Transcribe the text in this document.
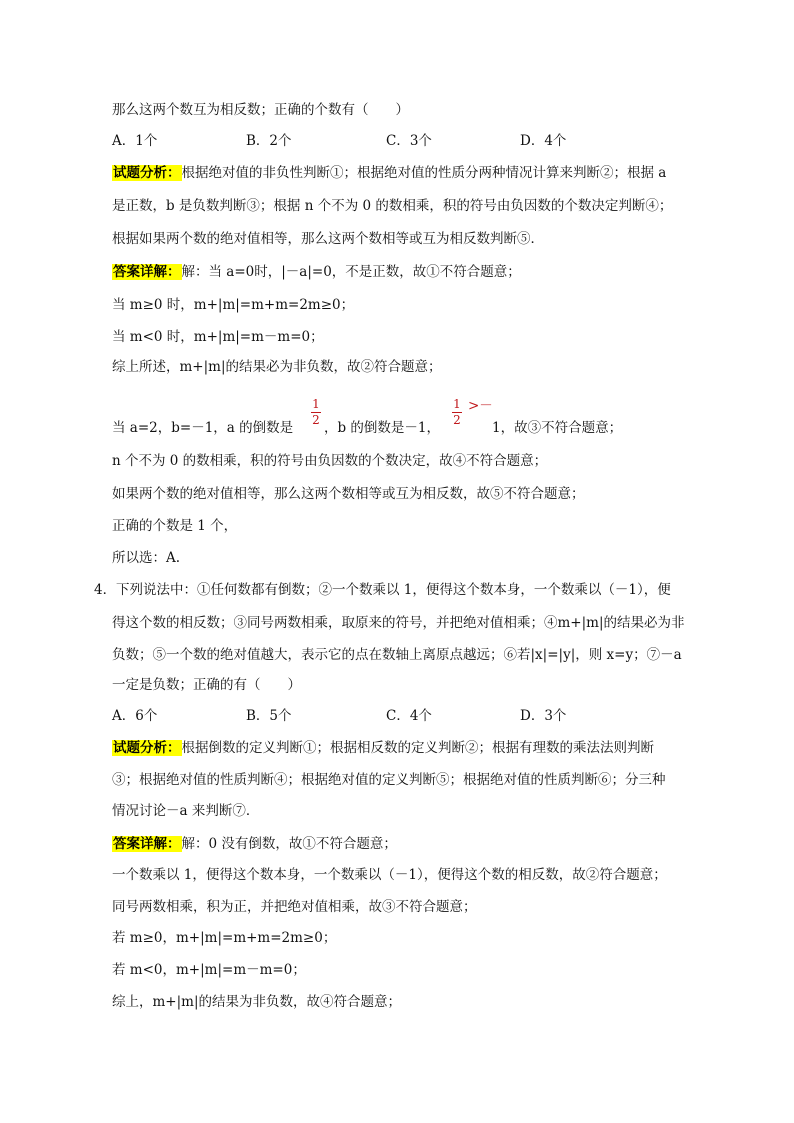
那么这两个数互为相反数；正确的个数有（　　）
A．1个	B．2个	C．3个	D．4个
试题分析：根据绝对值的非负性判断①；根据绝对值的性质分两种情况计算来判断②；根据 a
是正数，b 是负数判断③；根据 n 个不为 0 的数相乘，积的符号由负因数的个数决定判断④；
根据如果两个数的绝对值相等，那么这两个数相等或互为相反数判断⑤．
答案详解：解：当 a=0时，|－a|=0，不是正数，故①不符合题意；
当 m≥0 时，m+|m|=m+m=2m≥0；
当 m<0 时，m+|m|=m－m=0；
综上所述，m+|m|的结果必为非负数，故②符合题意；
当 a=2，b=－1，a 的倒数是
1
2 ，b 的倒数是－1，
1
2
>－
1，故③不符合题意；
n 个不为 0 的数相乘，积的符号由负因数的个数决定，故④不符合题意；
如果两个数的绝对值相等，那么这两个数相等或互为相反数，故⑤不符合题意；
正确的个数是 1 个，
所以选：A.
4． 下列说法中：①任何数都有倒数；②一个数乘以 1，便得这个数本身，一个数乘以（－1），便
得这个数的相反数；③同号两数相乘，取原来的符号，并把绝对值相乘；④m+|m|的结果必为非
负数；⑤一个数的绝对值越大，表示它的点在数轴上离原点越远；⑥若|x|=|y|，则 x=y；⑦－a
一定是负数；正确的有（　　）
A．6个	B．5个	C．4个	D．3个
试题分析：根据倒数的定义判断①；根据相反数的定义判断②；根据有理数的乘法法则判断
③；根据绝对值的性质判断④；根据绝对值的定义判断⑤；根据绝对值的性质判断⑥；分三种
情况讨论－a 来判断⑦．
答案详解：解：0 没有倒数，故①不符合题意；
一个数乘以 1，便得这个数本身，一个数乘以（－1），便得这个数的相反数，故②符合题意；
同号两数相乘，积为正，并把绝对值相乘，故③不符合题意；
若 m≥0，m+|m|=m+m=2m≥0；
若 m<0，m+|m|=m－m=0；
综上，m+|m|的结果为非负数，故④符合题意；
